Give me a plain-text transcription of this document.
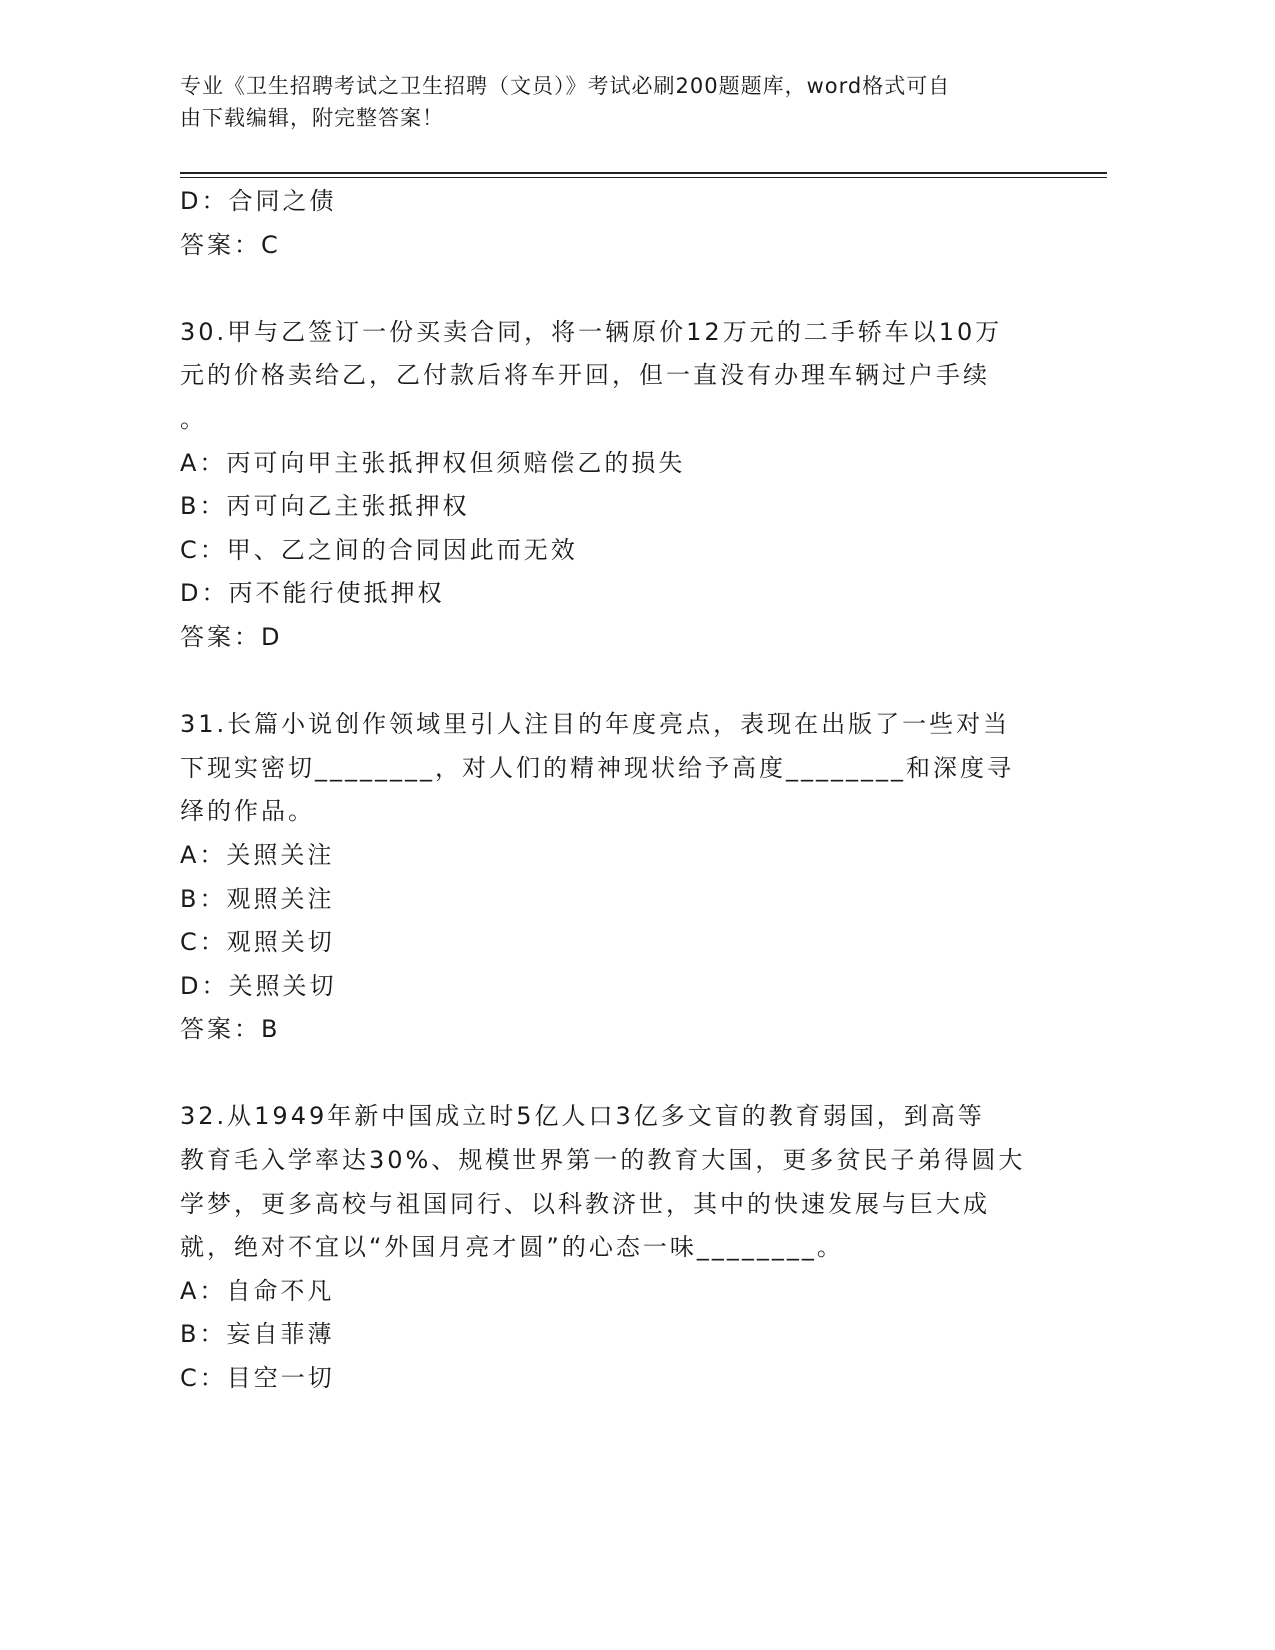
专业《卫生招聘考试之卫生招聘（文员）》考试必刷200题题库，word格式可自
由下载编辑，附完整答案！
D：合同之债
答案：C
30.甲与乙签订一份买卖合同，将一辆原价12万元的二手轿车以10万
元的价格卖给乙，乙付款后将车开回，但一直没有办理车辆过户手续
。
A：丙可向甲主张抵押权但须赔偿乙的损失
B：丙可向乙主张抵押权
C：甲、乙之间的合同因此而无效
D：丙不能行使抵押权
答案：D
31.长篇小说创作领域里引人注目的年度亮点，表现在出版了一些对当
下现实密切________，对人们的精神现状给予高度________和深度寻
绎的作品。
A：关照关注
B：观照关注
C：观照关切
D：关照关切
答案：B
32.从1949年新中国成立时5亿人口3亿多文盲的教育弱国，到高等
教育毛入学率达30%、规模世界第一的教育大国，更多贫民子弟得圆大
学梦，更多高校与祖国同行、以科教济世，其中的快速发展与巨大成
就，绝对不宜以“外国月亮才圆”的心态一味________。
A：自命不凡
B：妄自菲薄
C：目空一切
